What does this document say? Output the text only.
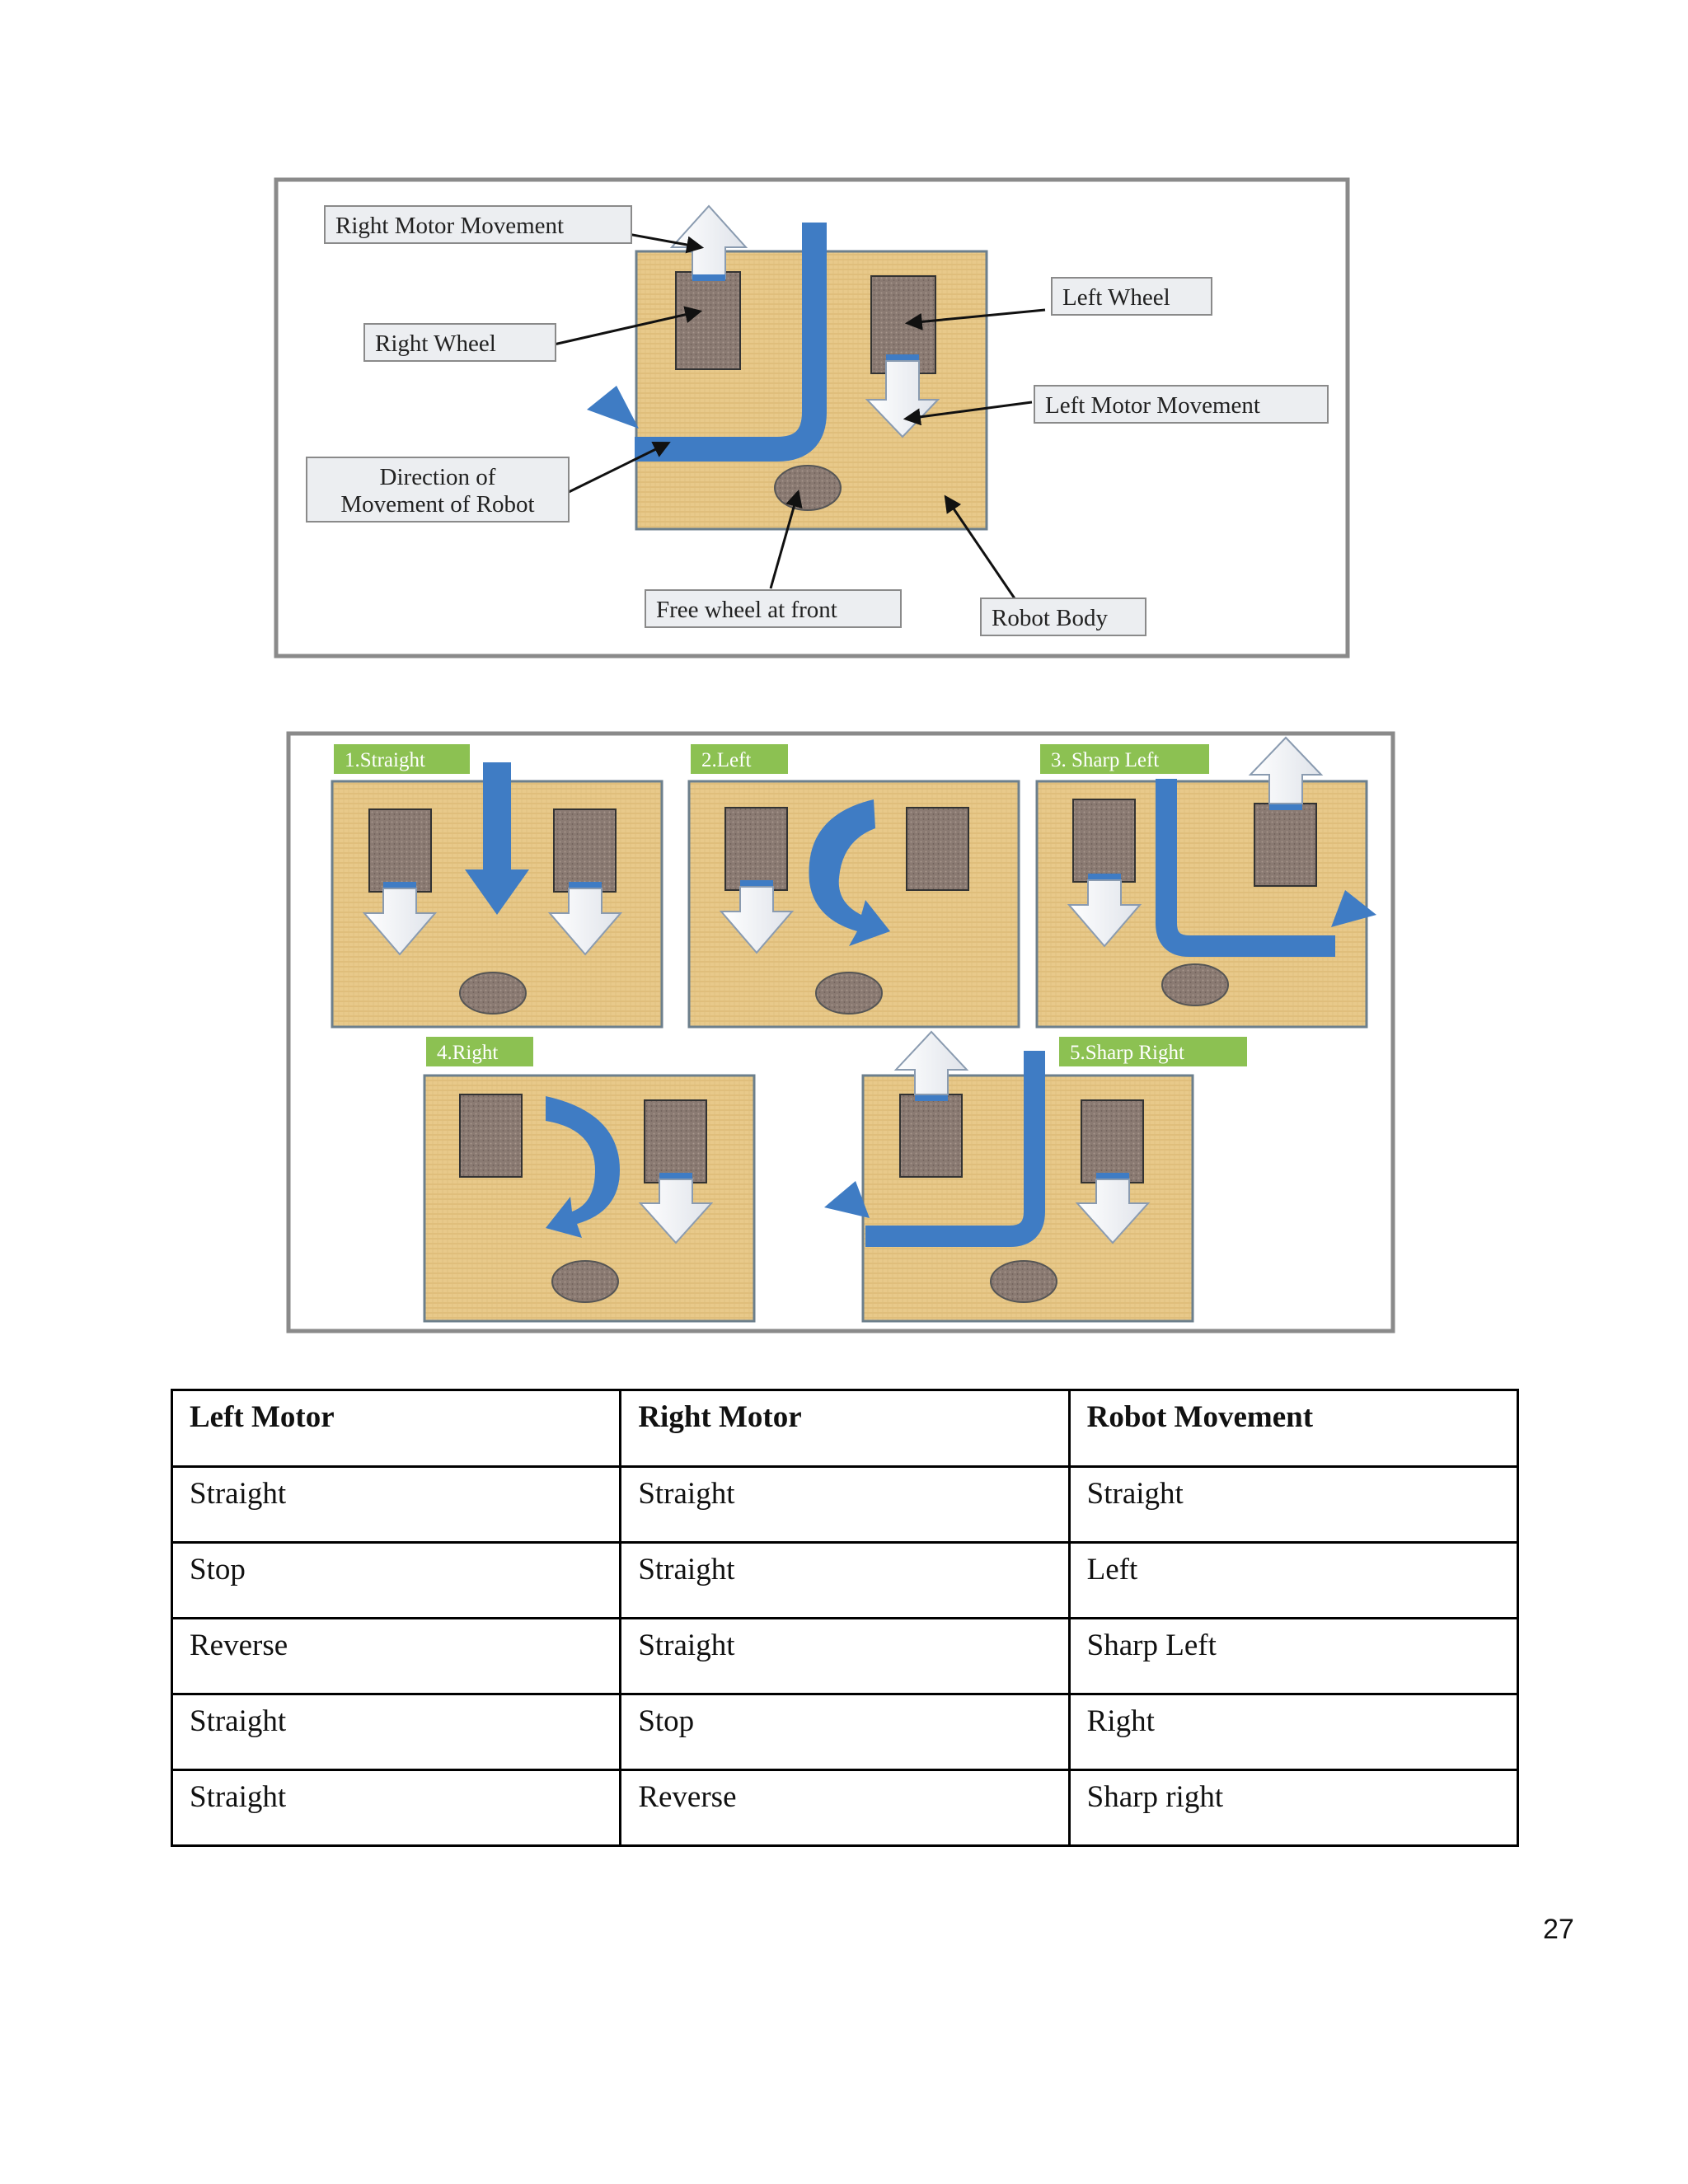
Right Motor Movement
Right Wheel
Left Wheel
Left Motor Movement
Direction of
Movement of Robot
Free wheel at front	Robot Body
1.Straight	2.Left	3. Sharp Left
4.Right	5.Sharp Right
Left Motor	Right Motor	Robot Movement
Straight	Straight	Straight
Stop	Straight	Left
Reverse	Straight	Sharp Left
Straight	Stop	Right
Straight	Reverse	Sharp right
27
